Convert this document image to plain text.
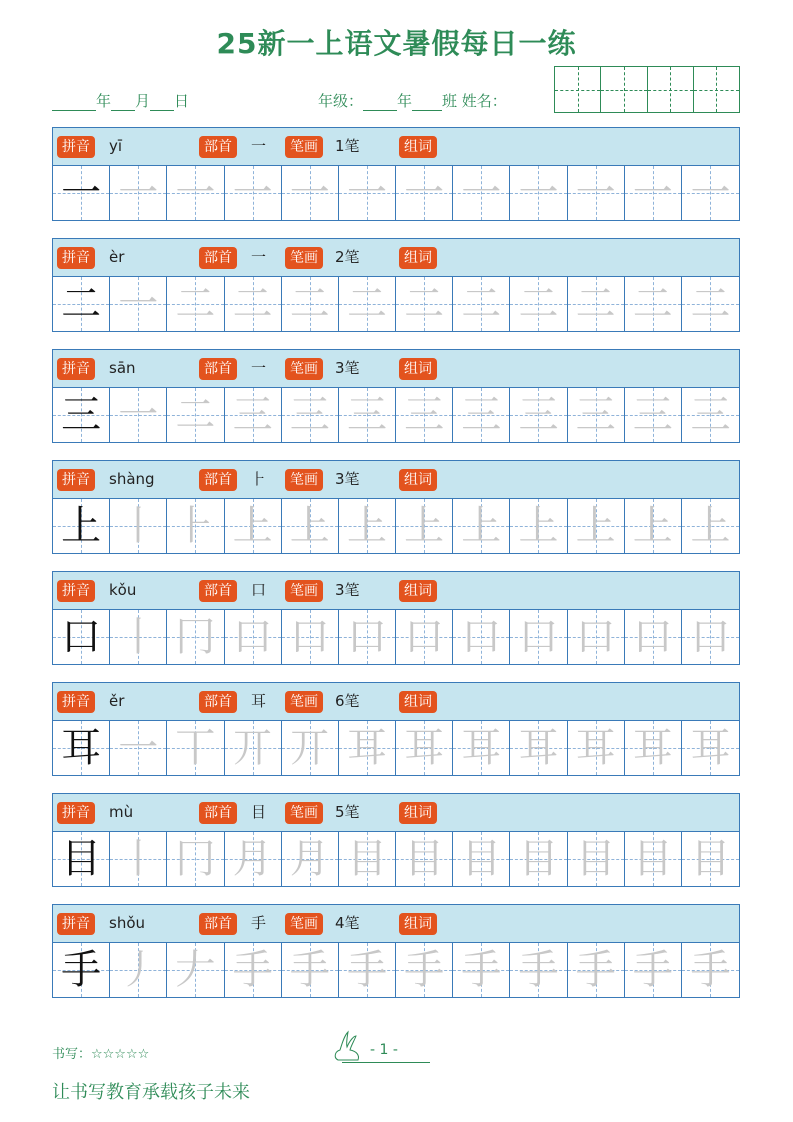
25新一上语文暑假每日一练
年 月 日	年级： 年 班 姓名：
拼音	yī	部首	一	笔画	1笔	组词
一 一 一 一 一 一 一 一 一 一 一 一
拼音	èr	部首	一	笔画	2笔	组词
二 一 二 二 二 二 二 二 二 二 二 二
拼音	sān	部首	一	笔画	3笔	组词
三 一 二 三 三 三 三 三 三 三 三 三
拼音	shàng	部首	⺊	笔画	3笔	组词
上 丨 ⺊ 上 上 上 上 上 上 上 上 上
拼音	kǒu	部首	口	笔画	3笔	组词
口 丨 冂 口 口 口 口 口 口 口 口 口
拼音	ěr	部首	耳	笔画	6笔	组词
耳 一 丅 丌 丌 耳 耳 耳 耳 耳 耳 耳
拼音	mù	部首	目	笔画	5笔	组词
目 丨 冂 月 月 目 目 目 目 目 目 目
拼音	shǒu	部首	手	笔画	4笔	组词
手 丿 𠂇 手 手 手 手 手 手 手 手 手
书写：☆☆☆☆☆	- 1 -
让书写教育承载孩子未来
